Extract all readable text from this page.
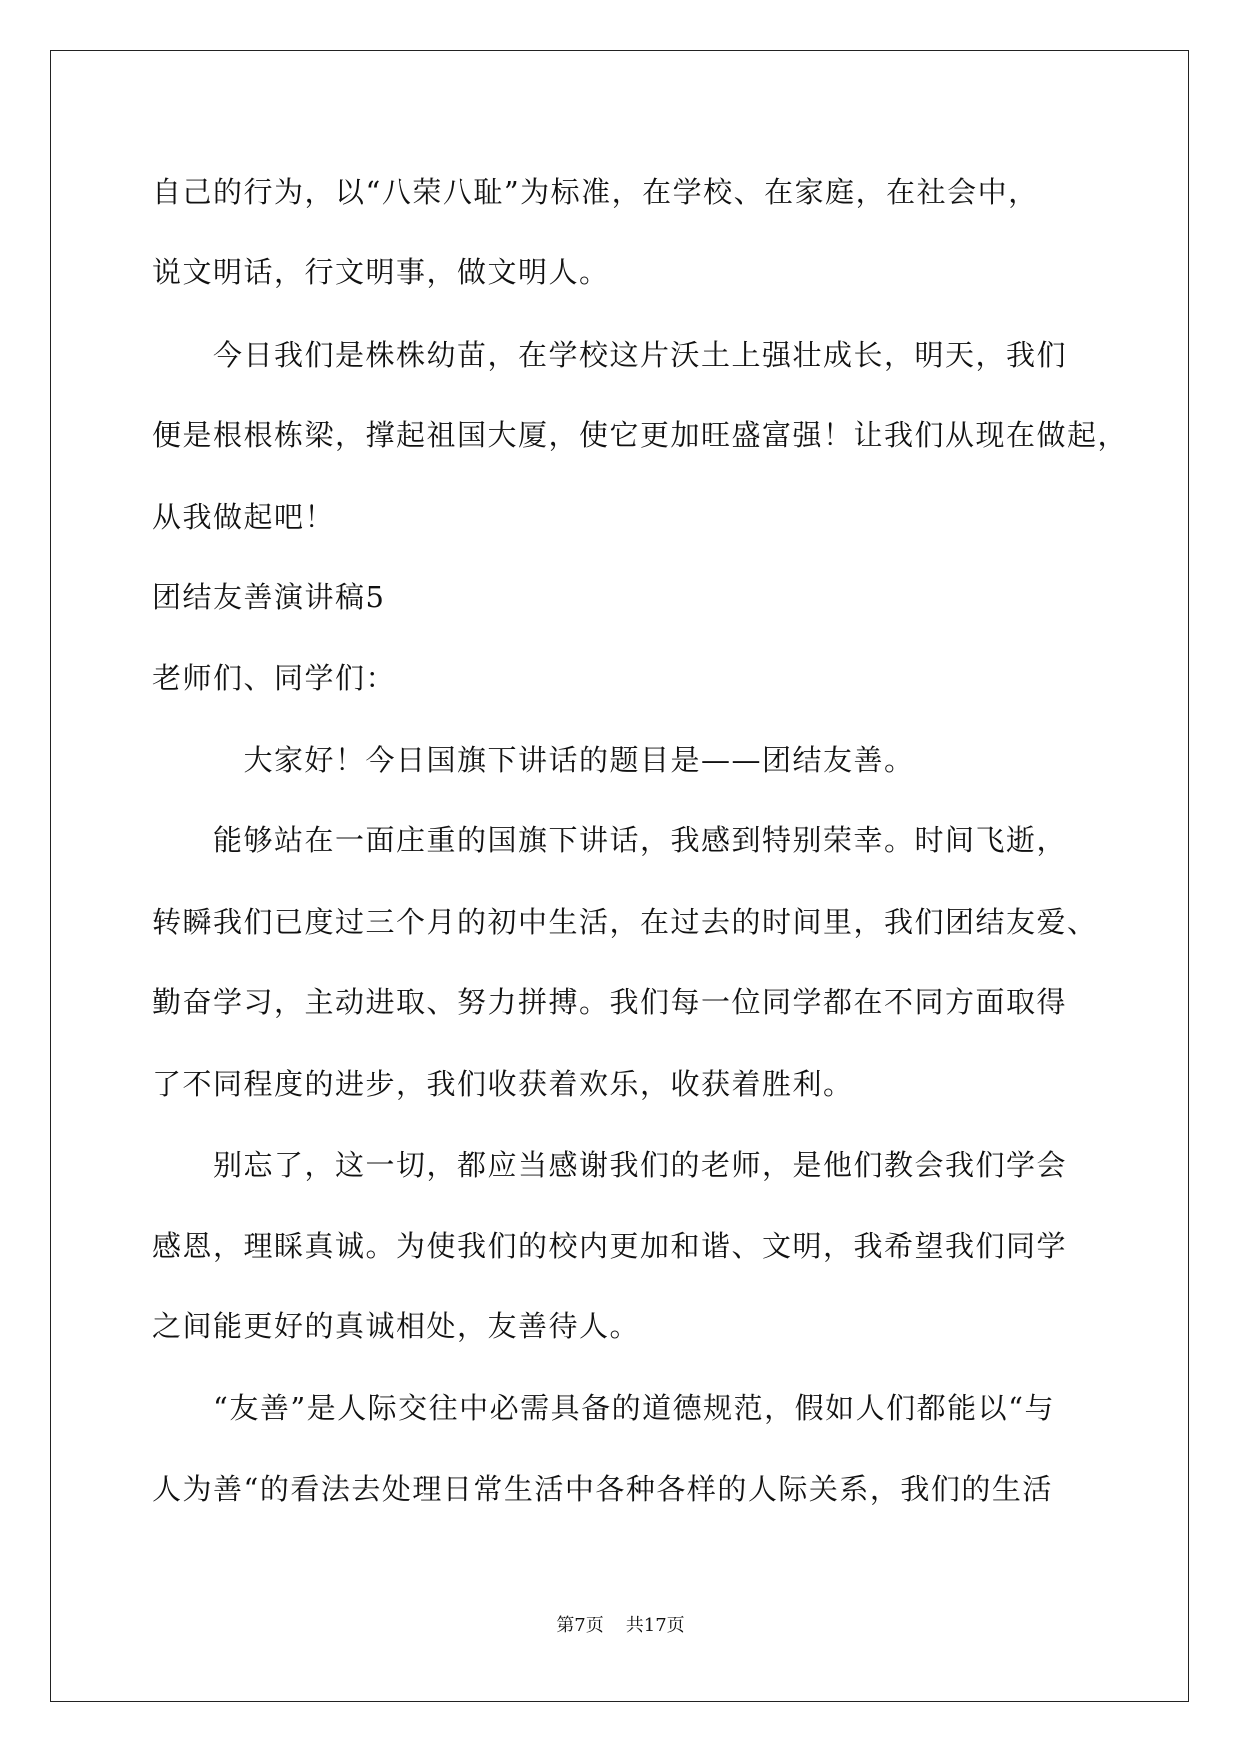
自己的行为，以“八荣八耻”为标准，在学校、在家庭，在社会中，
说文明话，行文明事，做文明人。
　　今日我们是株株幼苗，在学校这片沃土上强壮成长，明天，我们
便是根根栋梁，撑起祖国大厦，使它更加旺盛富强！让我们从现在做起，
从我做起吧！
团结友善演讲稿5
老师们、同学们：
　　　大家好！今日国旗下讲话的题目是——团结友善。
　　能够站在一面庄重的国旗下讲话，我感到特别荣幸。时间飞逝，
转瞬我们已度过三个月的初中生活，在过去的时间里，我们团结友爱、
勤奋学习，主动进取、努力拼搏。我们每一位同学都在不同方面取得
了不同程度的进步，我们收获着欢乐，收获着胜利。
　　别忘了，这一切，都应当感谢我们的老师，是他们教会我们学会
感恩，理睬真诚。为使我们的校内更加和谐、文明，我希望我们同学
之间能更好的真诚相处，友善待人。
　　“友善”是人际交往中必需具备的道德规范，假如人们都能以“与
人为善“的看法去处理日常生活中各种各样的人际关系，我们的生活
第7页 共17页
